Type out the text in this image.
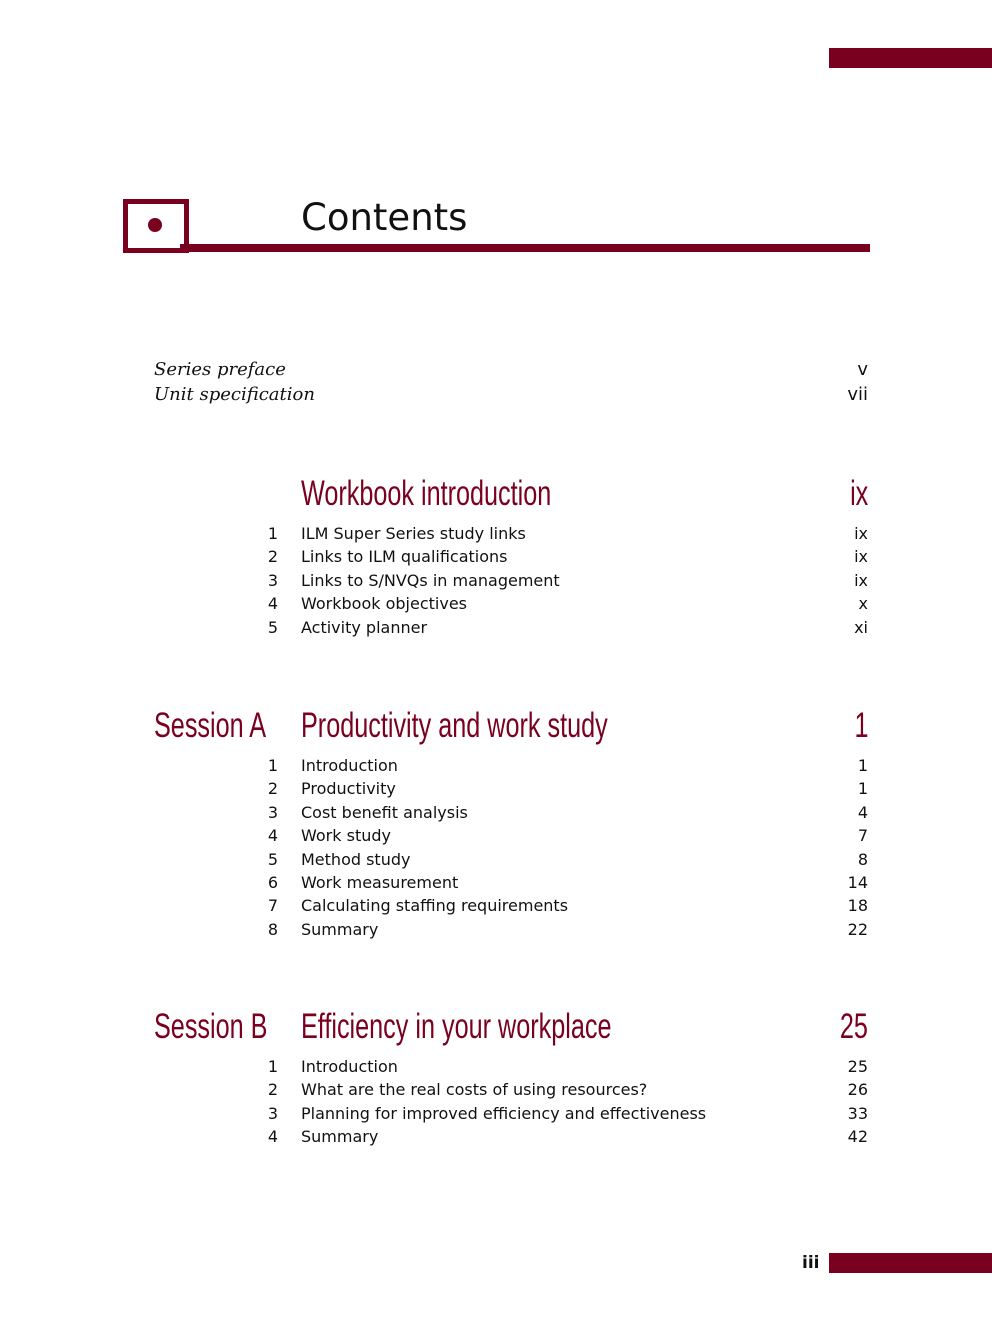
Contents
Series preface	v
Unit specification	vii
Workbook introduction	ix
1 ILM Super Series study links	ix
2 Links to ILM qualifications	ix
3 Links to S/NVQs in management	ix
4 Workbook objectives	x
5 Activity planner	xi
Session A Productivity and work study	1
1 Introduction	1
2 Productivity	1
3 Cost benefit analysis	4
4 Work study	7
5 Method study	8
6 Work measurement	14
7 Calculating staffing requirements	18
8 Summary	22
Session B Efficiency in your workplace	25
1 Introduction	25
2 What are the real costs of using resources?	26
3 Planning for improved efficiency and effectiveness	33
4 Summary	42
iii
